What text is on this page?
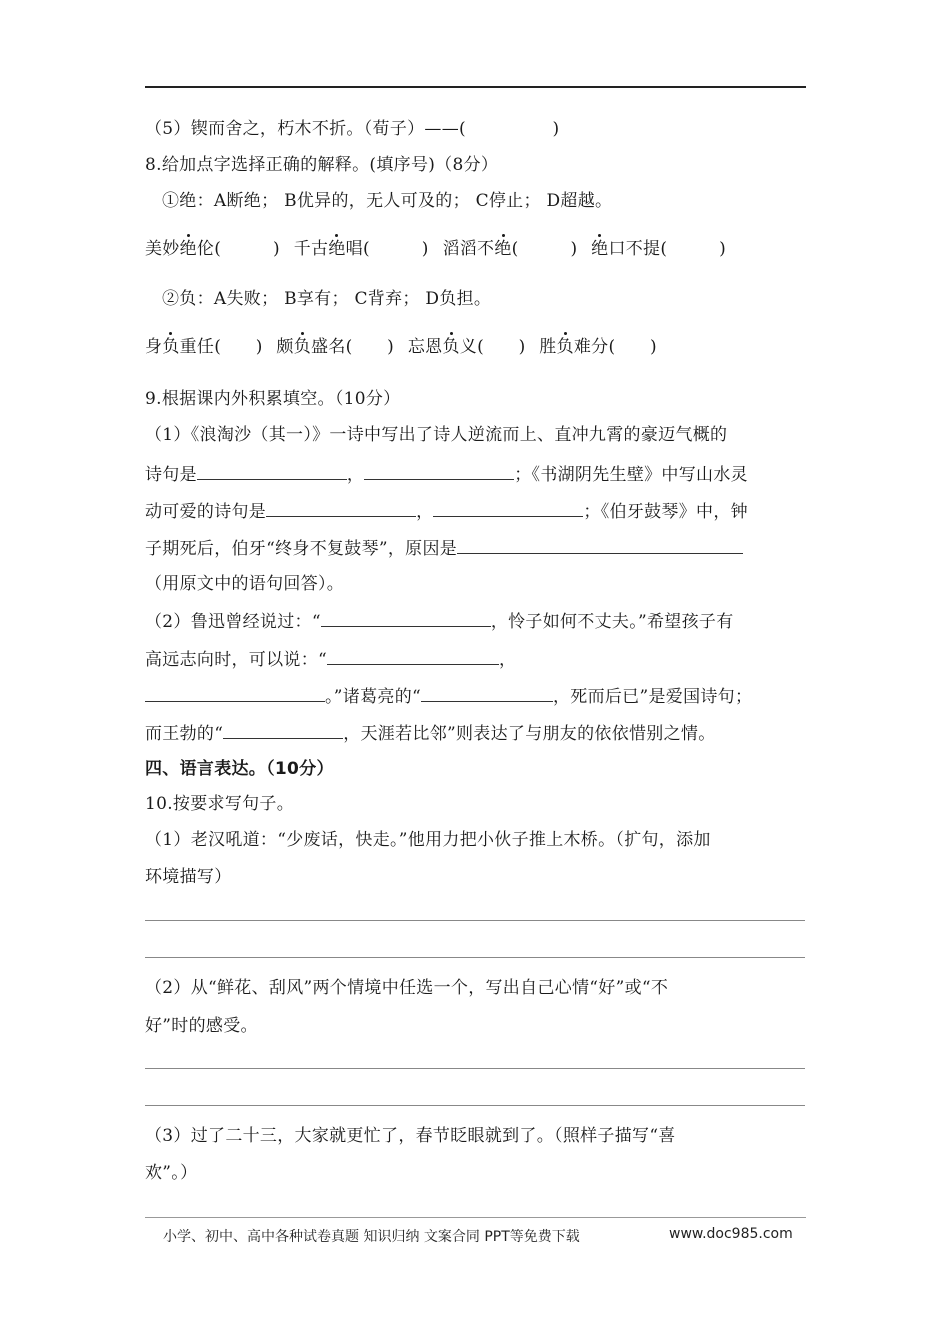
（5）锲而舍之，朽木不折。（荀子）——(　　　　　)
8.给加点字选择正确的解释。(填序号)（8分）
①绝：A断绝； B优异的，无人可及的； C停止； D超越。
美妙绝伦(　　　) 千古绝唱(　　　) 滔滔不绝(　　　) 绝口不提(　　　)
②负：A失败； B享有； C背弃； D负担。
身负重任(　　) 颇负盛名(　　) 忘恩负义(　　) 胜负难分(　　)
9.根据课内外积累填空。（10分）
（1）《浪淘沙（其一）》一诗中写出了诗人逆流而上、直冲九霄的豪迈气概的
诗句是	，	；《书湖阴先生壁》中写山水灵
动可爱的诗句是	，	；《伯牙鼓琴》中，钟
子期死后，伯牙“终身不复鼓琴”，原因是
（用原文中的语句回答）。
（2）鲁迅曾经说过：“	，怜子如何不丈夫。”希望孩子有
高远志向时，可以说：“	，
。”诸葛亮的“	，死而后已”是爱国诗句；
而王勃的“	，天涯若比邻”则表达了与朋友的依依惜别之情。
四、语言表达。（10分）
10.按要求写句子。
（1）老汉吼道：“少废话，快走。”他用力把小伙子推上木桥。（扩句，添加
环境描写）
（2）从“鲜花、刮风”两个情境中任选一个，写出自己心情“好”或“不
好”时的感受。
（3）过了二十三，大家就更忙了，春节眨眼就到了。（照样子描写“喜
欢”。）
小学、初中、高中各种试卷真题 知识归纳 文案合同 PPT等免费下载	www.doc985.com
